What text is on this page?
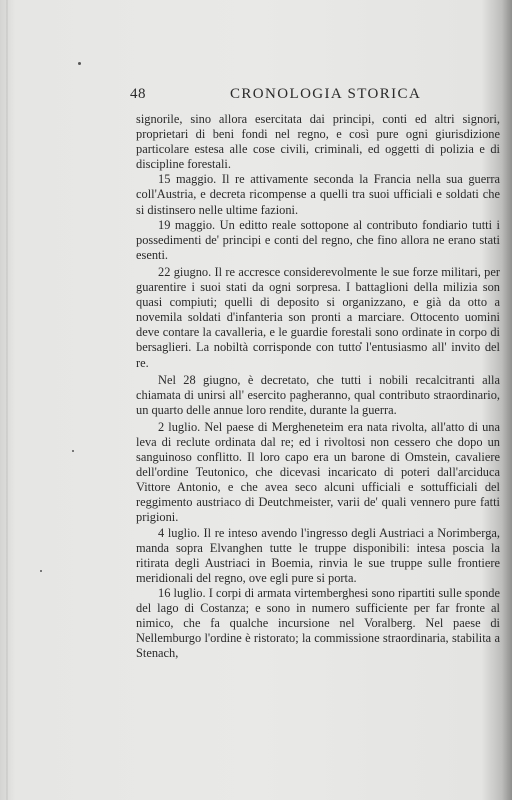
48	CRONOLOGIA STORICA

signorile, sino allora esercitata dai principi, conti ed altri signori, proprietari di beni fondi nel regno, e così pure ogni giurisdizione particolare estesa alle cose civili, criminali, ed oggetti di polizia e di discipline forestali.

15 maggio. Il re attivamente seconda la Francia nella sua guerra coll'Austria, e decreta ricompense a quelli tra suoi ufficiali e soldati che si distinsero nelle ultime fazioni.

19 maggio. Un editto reale sottopone al contributo fondiario tutti i possedimenti de' principi e conti del regno, che fino allora ne erano stati esenti.

22 giugno. Il re accresce considerevolmente le sue forze militari, per guarentire i suoi stati da ogni sorpresa. I battaglioni della milizia son quasi compiuti; quelli di deposito si organizzano, e già da otto a novemila soldati d'infanteria son pronti a marciare. Ottocento uomini deve contare la cavalleria, e le guardie forestali sono ordinate in corpo di bersaglieri. La nobiltà corrisponde con tutto l'entusiasmo all' invito del re.

Nel 28 giugno, è decretato, che tutti i nobili recalcitranti alla chiamata di unirsi all' esercito pagheranno, qual contributo straordinario, un quarto delle annue loro rendite, durante la guerra.

2 luglio. Nel paese di Mergheneteim era nata rivolta, all'atto di una leva di reclute ordinata dal re; ed i rivoltosi non cessero che dopo un sanguinoso conflitto. Il loro capo era un barone di Omstein, cavaliere dell'ordine Teutonico, che dicevasi incaricato di poteri dall'arciduca Vittore Antonio, e che avea seco alcuni ufficiali e sottufficiali del reggimento austriaco di Deutchmeister, varii de' quali vennero pure fatti prigioni.

4 luglio. Il re inteso avendo l'ingresso degli Austriaci a Norimberga, manda sopra Elvanghen tutte le truppe disponibili: intesa poscia la ritirata degli Austriaci in Boemia, rinvia le sue truppe sulle frontiere meridionali del regno, ove egli pure si porta.

16 luglio. I corpi di armata virtemberghesi sono ripartiti sulle sponde del lago di Costanza; e sono in numero sufficiente per far fronte al nimico, che fa qualche incursione nel Voralberg. Nel paese di Nellemburgo l'ordine è ristorato; la commissione straordinaria, stabilita a Stenach,
